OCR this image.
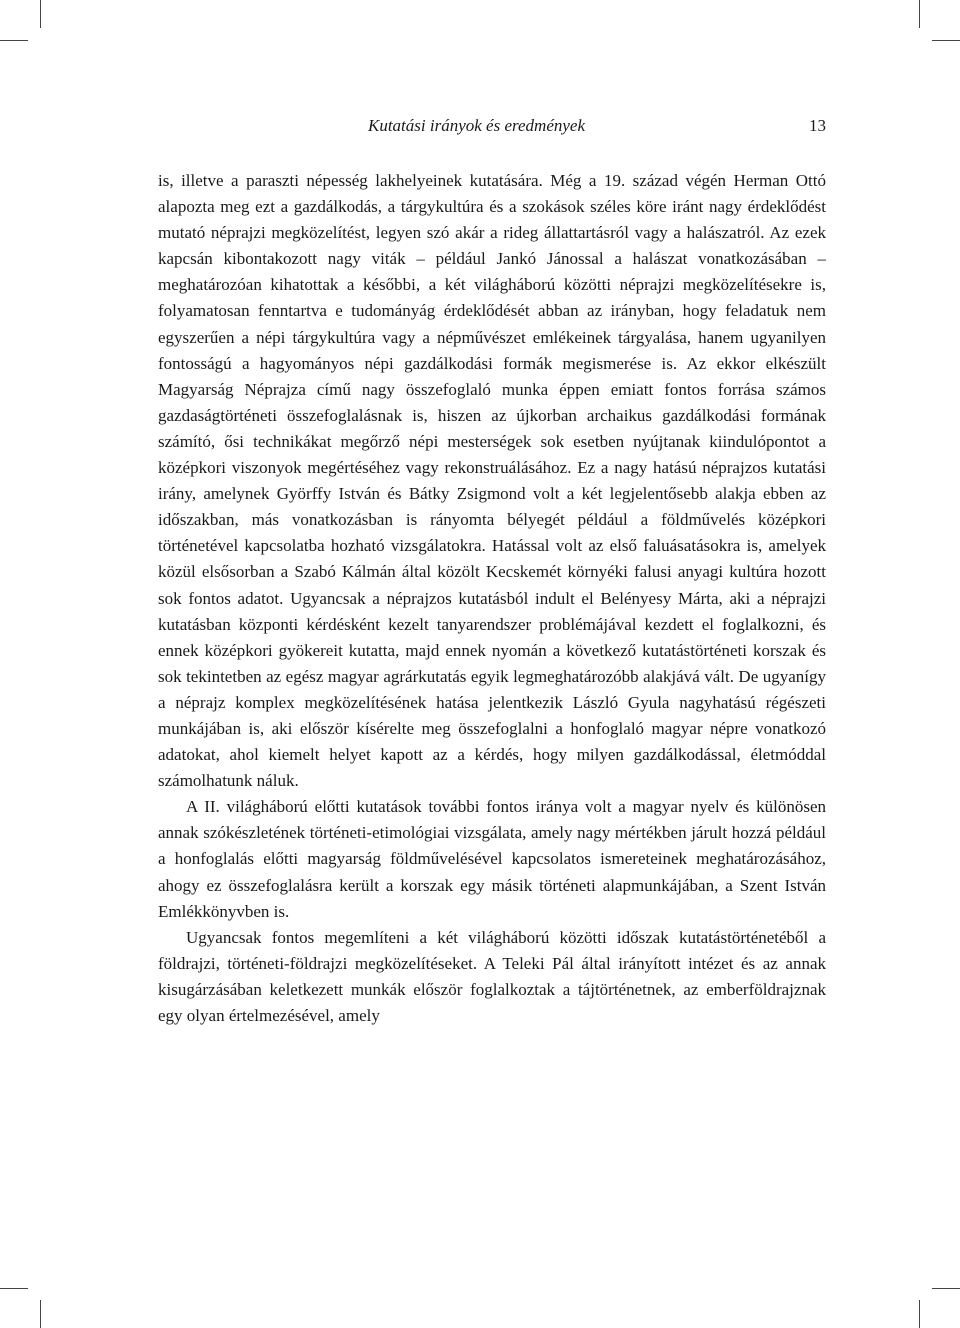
Kutatási irányok és eredmények	13

is, illetve a paraszti népesség lakhelyeinek kutatására. Még a 19. század végén Herman Ottó alapozta meg ezt a gazdálkodás, a tárgykultúra és a szokások széles köre iránt nagy érdeklődést mutató néprajzi megközelítést, legyen szó akár a rideg állattartásról vagy a halászatról. Az ezek kapcsán kibontakozott nagy viták – például Jankó Jánossal a halászat vonatkozásában – meghatározóan kihatottak a későbbi, a két világháború közötti néprajzi megközelítésekre is, folyamatosan fenntartva e tudományág érdeklődését abban az irányban, hogy feladatuk nem egyszerűen a népi tárgykultúra vagy a népművészet emlékeinek tárgyalása, hanem ugyanilyen fontosságú a hagyományos népi gazdálkodási formák megismerése is. Az ekkor elkészült Magyarság Néprajza című nagy összefoglaló munka éppen emiatt fontos forrása számos gazdaságtörténeti összefoglalásnak is, hiszen az újkorban archaikus gazdálkodási formának számító, ősi technikákat megőrző népi mesterségek sok esetben nyújtanak kiindulópontot a középkori viszonyok megértéséhez vagy rekonstruálásához. Ez a nagy hatású néprajzos kutatási irány, amelynek Györffy István és Bátky Zsigmond volt a két legjelentősebb alakja ebben az időszakban, más vonatkozásban is rányomta bélyegét például a földművelés középkori történetével kapcsolatba hozható vizsgálatokra. Hatással volt az első faluásatásokra is, amelyek közül elsősorban a Szabó Kálmán által közölt Kecskemét környéki falusi anyagi kultúra hozott sok fontos adatot. Ugyancsak a néprajzos kutatásból indult el Belényesy Márta, aki a néprajzi kutatásban központi kérdésként kezelt tanyarendszer problémájával kezdett el foglalkozni, és ennek középkori gyökereit kutatta, majd ennek nyomán a következő kutatástörténeti korszak és sok tekintetben az egész magyar agrárkutatás egyik legmeghatározóbb alakjává vált. De ugyanígy a néprajz komplex megközelítésének hatása jelentkezik László Gyula nagyhatású régészeti munkájában is, aki először kísérelte meg összefoglalni a honfoglaló magyar népre vonatkozó adatokat, ahol kiemelt helyet kapott az a kérdés, hogy milyen gazdálkodással, életmóddal számolhatunk náluk.

A II. világháború előtti kutatások további fontos iránya volt a magyar nyelv és különösen annak szókészletének történeti-etimológiai vizsgálata, amely nagy mértékben járult hozzá például a honfoglalás előtti magyarság földművelésével kapcsolatos ismereteinek meghatározásához, ahogy ez összefoglalásra került a korszak egy másik történeti alapmunkájában, a Szent István Emlékkönyvben is.

Ugyancsak fontos megemlíteni a két világháború közötti időszak kutatástörténetéből a földrajzi, történeti-földrajzi megközelítéseket. A Teleki Pál által irányított intézet és az annak kisugárzásában keletkezett munkák először foglalkoztak a tájtörténetnek, az emberföldrajznak egy olyan értelmezésével, amely
